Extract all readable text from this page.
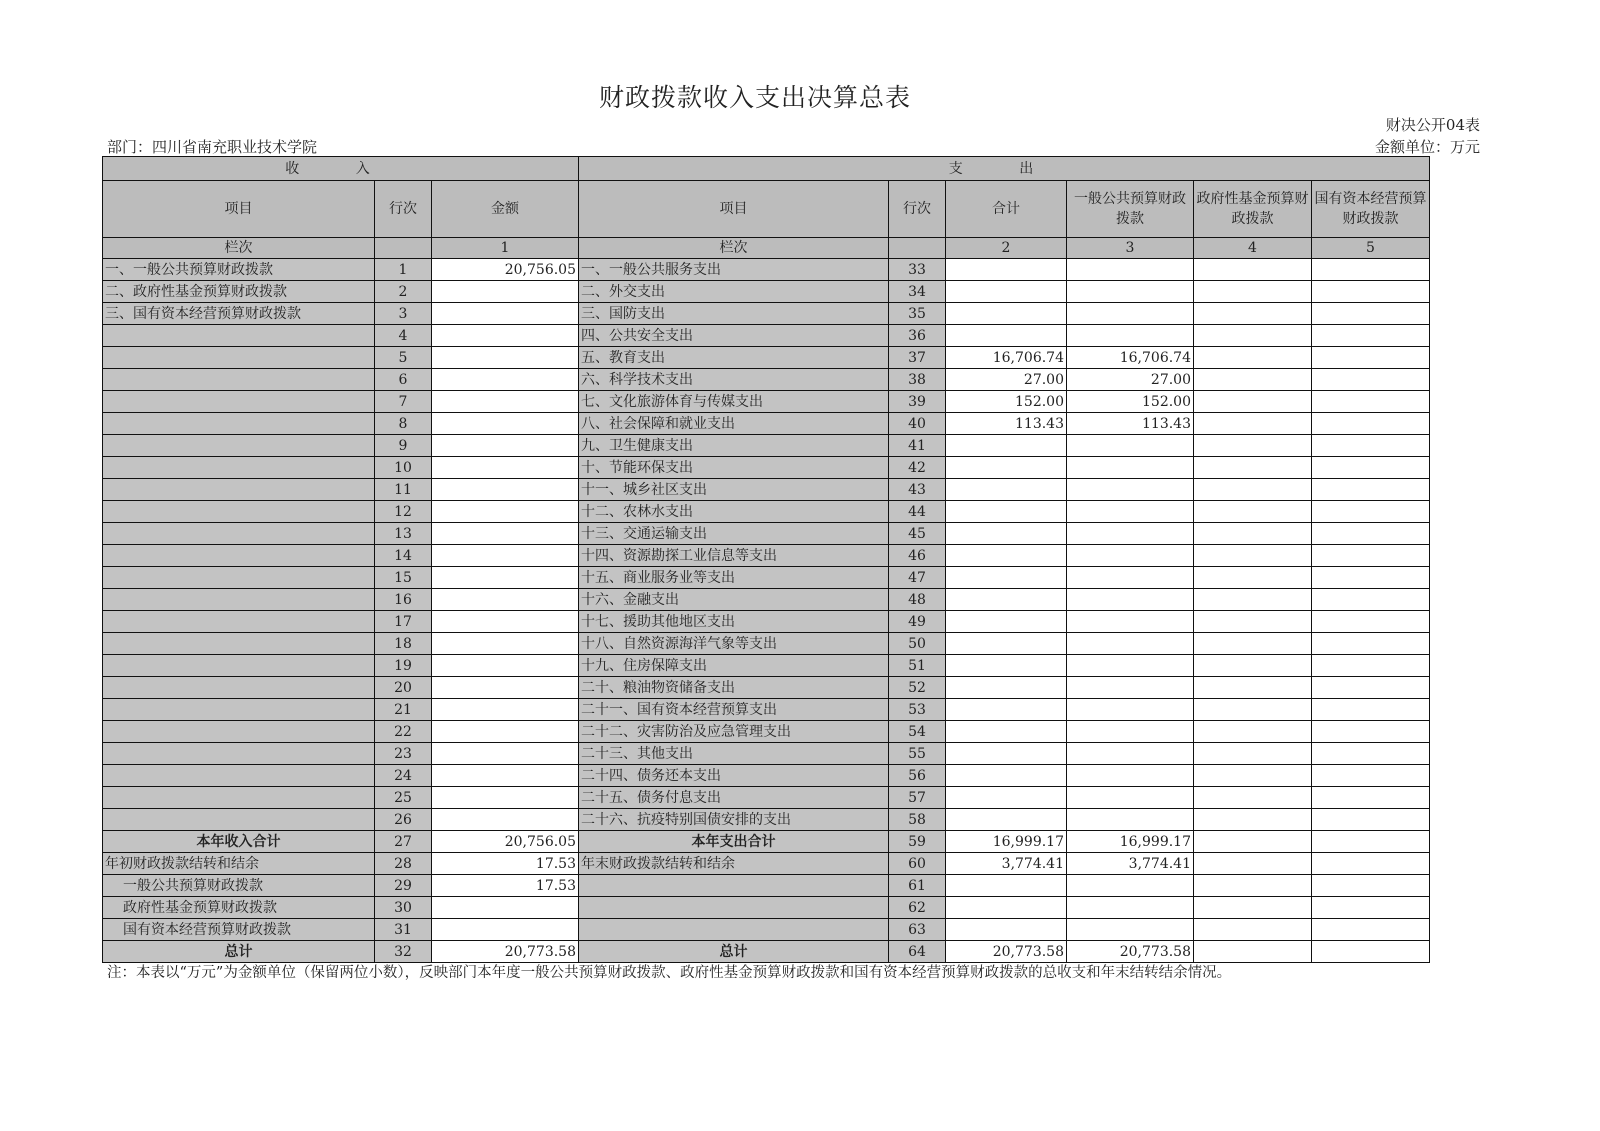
财政拨款收入支出决算总表
财决公开04表
部门：四川省南充职业技术学院	金额单位：万元
收 入			支 出					
项目	行次	金额	项目	行次	合计	一般公共预算财政拨款	政府性基金预算财政拨款	国有资本经营预算财政拨款
栏次		1	栏次		2	3	4	5
一、一般公共预算财政拨款	1	20,756.05	一、一般公共服务支出	33				
二、政府性基金预算财政拨款	2		二、外交支出	34				
三、国有资本经营预算财政拨款	3		三、国防支出	35				
	4		四、公共安全支出	36				
	5		五、教育支出	37	16,706.74	16,706.74		
	6		六、科学技术支出	38	27.00	27.00		
	7		七、文化旅游体育与传媒支出	39	152.00	152.00		
	8		八、社会保障和就业支出	40	113.43	113.43		
	9		九、卫生健康支出	41				
	10		十、节能环保支出	42				
	11		十一、城乡社区支出	43				
	12		十二、农林水支出	44				
	13		十三、交通运输支出	45				
	14		十四、资源勘探工业信息等支出	46				
	15		十五、商业服务业等支出	47				
	16		十六、金融支出	48				
	17		十七、援助其他地区支出	49				
	18		十八、自然资源海洋气象等支出	50				
	19		十九、住房保障支出	51				
	20		二十、粮油物资储备支出	52				
	21		二十一、国有资本经营预算支出	53				
	22		二十二、灾害防治及应急管理支出	54				
	23		二十三、其他支出	55				
	24		二十四、债务还本支出	56				
	25		二十五、债务付息支出	57				
	26		二十六、抗疫特别国债安排的支出	58				
本年收入合计	27	20,756.05	本年支出合计	59	16,999.17	16,999.17		
年初财政拨款结转和结余	28	17.53	年末财政拨款结转和结余	60	3,774.41	3,774.41		
一般公共预算财政拨款	29	17.53		61				
政府性基金预算财政拨款	30			62				
国有资本经营预算财政拨款	31			63				
总计	32	20,773.58	总计	64	20,773.58	20,773.58		
注：本表以“万元”为金额单位（保留两位小数），反映部门本年度一般公共预算财政拨款、政府性基金预算财政拨款和国有资本经营预算财政拨款的总收支和年末结转结余情况。
